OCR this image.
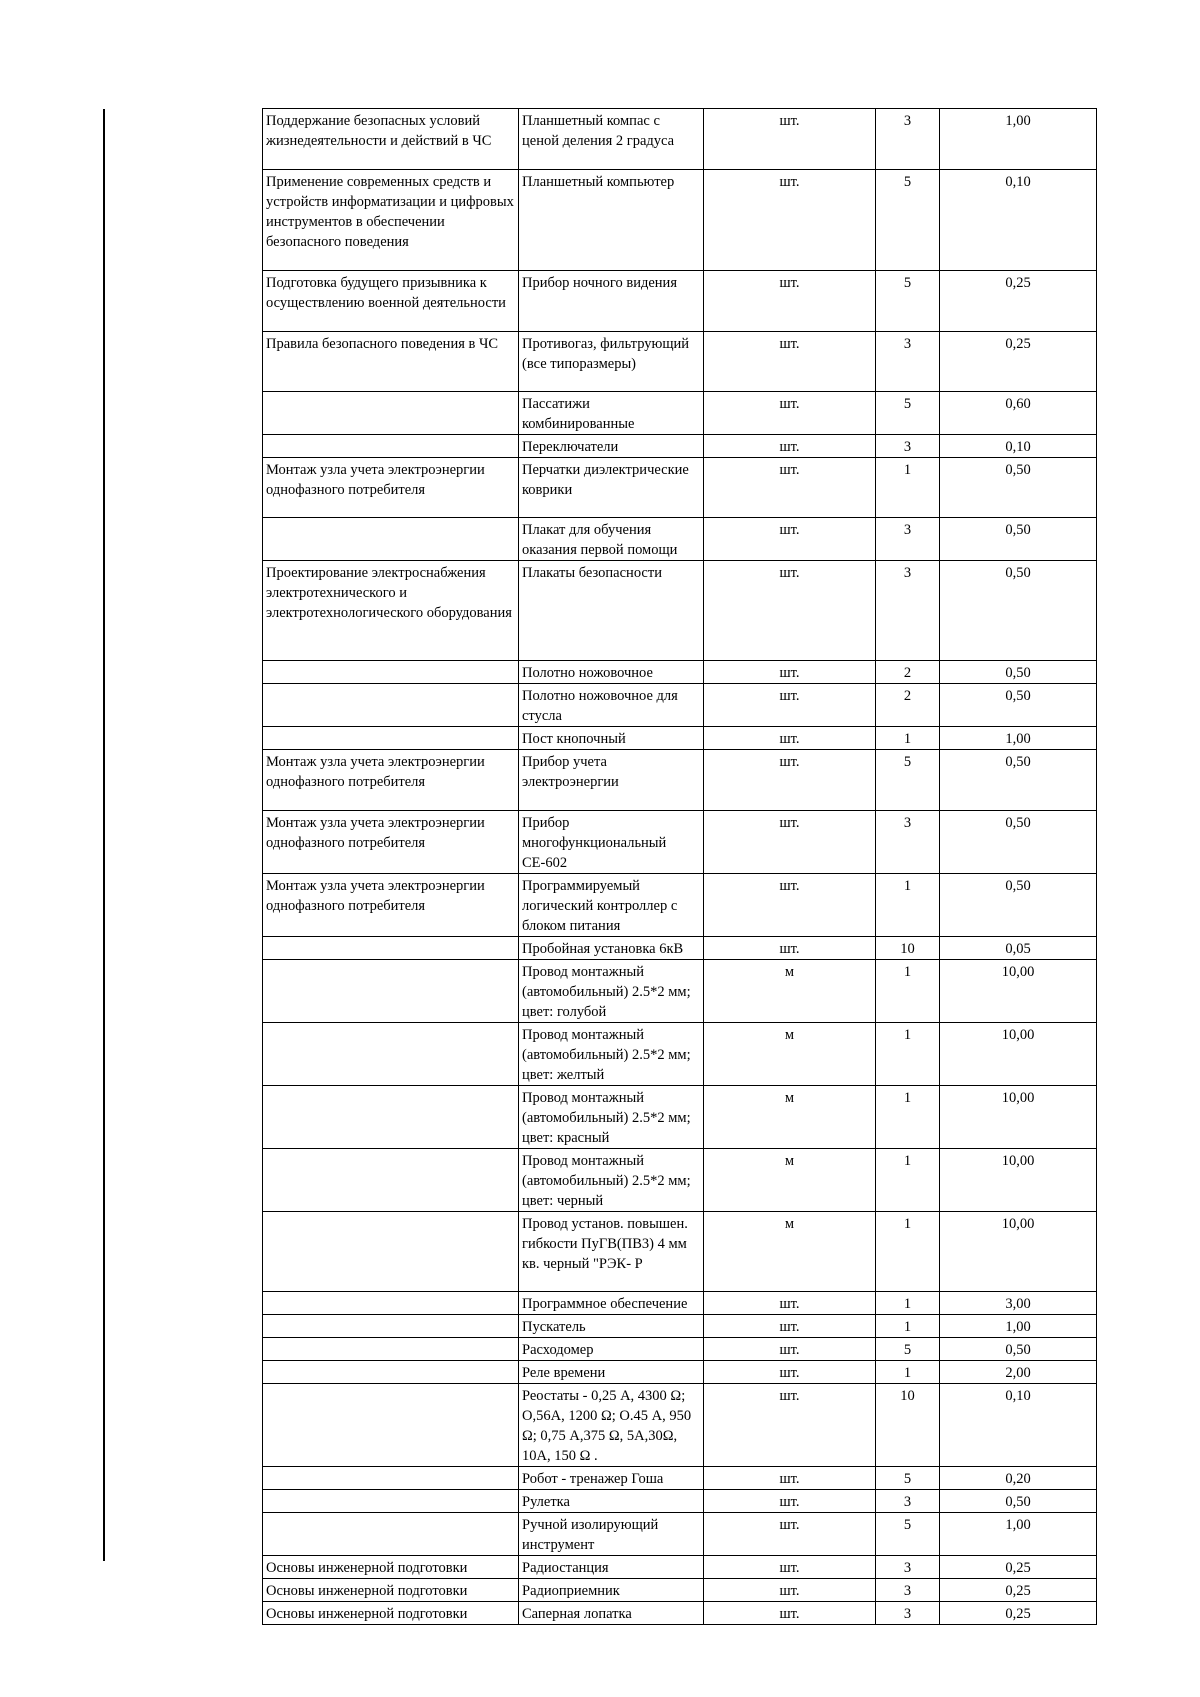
Поддержание безопасных условий жизнедеятельности и действий в ЧС	Планшетный компас с ценой деления 2 градуса	шт.	3	1,00
Применение современных средств и устройств информатизации и цифровых инструментов в обеспечении безопасного поведения	Планшетный компьютер	шт.	5	0,10
Подготовка будущего призывника к осуществлению военной деятельности	Прибор ночного видения	шт.	5	0,25
Правила безопасного поведения в ЧС	Противогаз, фильтрующий (все типоразмеры)	шт.	3	0,25
	Пассатижи комбинированные	шт.	5	0,60
	Переключатели	шт.	3	0,10
Монтаж узла учета электроэнергии однофазного потребителя	Перчатки диэлектрические коврики	шт.	1	0,50
	Плакат для обучения оказания первой помощи	шт.	3	0,50
Проектирование электроснабжения электротехнического и электротехнологического оборудования	Плакаты безопасности	шт.	3	0,50
	Полотно ножовочное	шт.	2	0,50
	Полотно ножовочное для стусла	шт.	2	0,50
	Пост кнопочный	шт.	1	1,00
Монтаж узла учета электроэнергии однофазного потребителя	Прибор учета электроэнергии	шт.	5	0,50
Монтаж узла учета электроэнергии однофазного потребителя	Прибор многофункциональный СЕ-602	шт.	3	0,50
Монтаж узла учета электроэнергии однофазного потребителя	Программируемый логический контроллер с блоком питания	шт.	1	0,50
	Пробойная установка 6кВ	шт.	10	0,05
	Провод монтажный (автомобильный) 2.5*2 мм; цвет: голубой	м	1	10,00
	Провод монтажный (автомобильный) 2.5*2 мм; цвет: желтый	м	1	10,00
	Провод монтажный (автомобильный) 2.5*2 мм; цвет: красный	м	1	10,00
	Провод монтажный (автомобильный) 2.5*2 мм; цвет: черный	м	1	10,00
	Провод установ. повышен. гибкости ПуГВ(ПВ3) 4 мм кв. черный "РЭК- Р	м	1	10,00
	Программное обеспечение	шт.	1	3,00
	Пускатель	шт.	1	1,00
	Расходомер	шт.	5	0,50
	Реле времени	шт.	1	2,00
	Реостаты - 0,25 А, 4300 Ω; О,56А, 1200 Ω; О.45 А, 950 Ω; 0,75 А,375 Ω, 5А,30Ω, 10А, 150 Ω .	шт.	10	0,10
	Робот - тренажер Гоша	шт.	5	0,20
	Рулетка	шт.	3	0,50
	Ручной изолирующий инструмент	шт.	5	1,00
Основы инженерной подготовки	Радиостанция	шт.	3	0,25
Основы инженерной подготовки	Радиоприемник	шт.	3	0,25
Основы инженерной подготовки	Саперная лопатка	шт.	3	0,25
